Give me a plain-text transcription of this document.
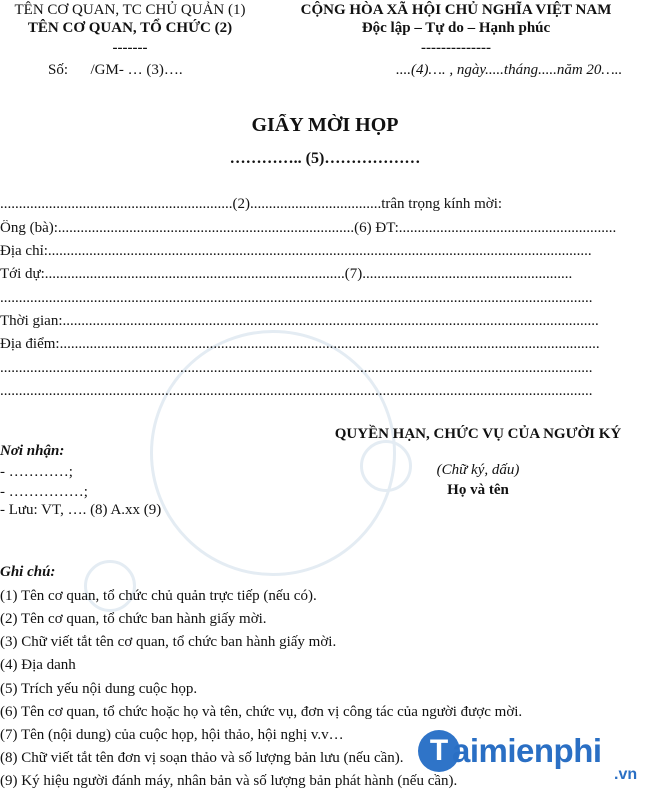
TÊN CƠ QUAN, TC CHỦ QUẢN (1)
TÊN CƠ QUAN, TỔ CHỨC (2)
-------
Số:      /GM- … (3)….
CỘNG HÒA XÃ HỘI CHỦ NGHĨA VIỆT NAM
Độc lập – Tự do – Hạnh phúc
--------------
....(4)…. , ngày.....tháng.....năm 20…..
GIẤY MỜI HỌP
………….. (5)………………
..............................................................(2)...................................trân trọng kính mời:
Ông (bà):...............................................................................(6) ĐT:..........................................................
Địa chỉ:.................................................................................................................................................
Tới dự:................................................................................(7)........................................................
..............................................................................................................................................................
Thời gian:...............................................................................................................................................
Địa điểm:................................................................................................................................................
..............................................................................................................................................................
..............................................................................................................................................................
QUYỀN HẠN, CHỨC VỤ CỦA NGƯỜI KÝ
(Chữ ký, dấu)
Họ và tên
Nơi nhận:
- …………;
- ……………;
- Lưu: VT, …. (8) A.xx (9)
Ghi chú:
(1) Tên cơ quan, tổ chức chủ quản trực tiếp (nếu có).
(2) Tên cơ quan, tổ chức ban hành giấy mời.
(3) Chữ viết tắt tên cơ quan, tổ chức ban hành giấy mời.
(4) Địa danh
(5) Trích yếu nội dung cuộc họp.
(6) Tên cơ quan, tổ chức hoặc họ và tên, chức vụ, đơn vị công tác của người được mời.
(7) Tên (nội dung) của cuộc họp, hội thảo, hội nghị v.v…
(8) Chữ viết tắt tên đơn vị soạn thảo và số lượng bản lưu (nếu cần).
(9) Ký hiệu người đánh máy, nhân bản và số lượng bản phát hành (nếu cần).
T aimienphi
.vn
